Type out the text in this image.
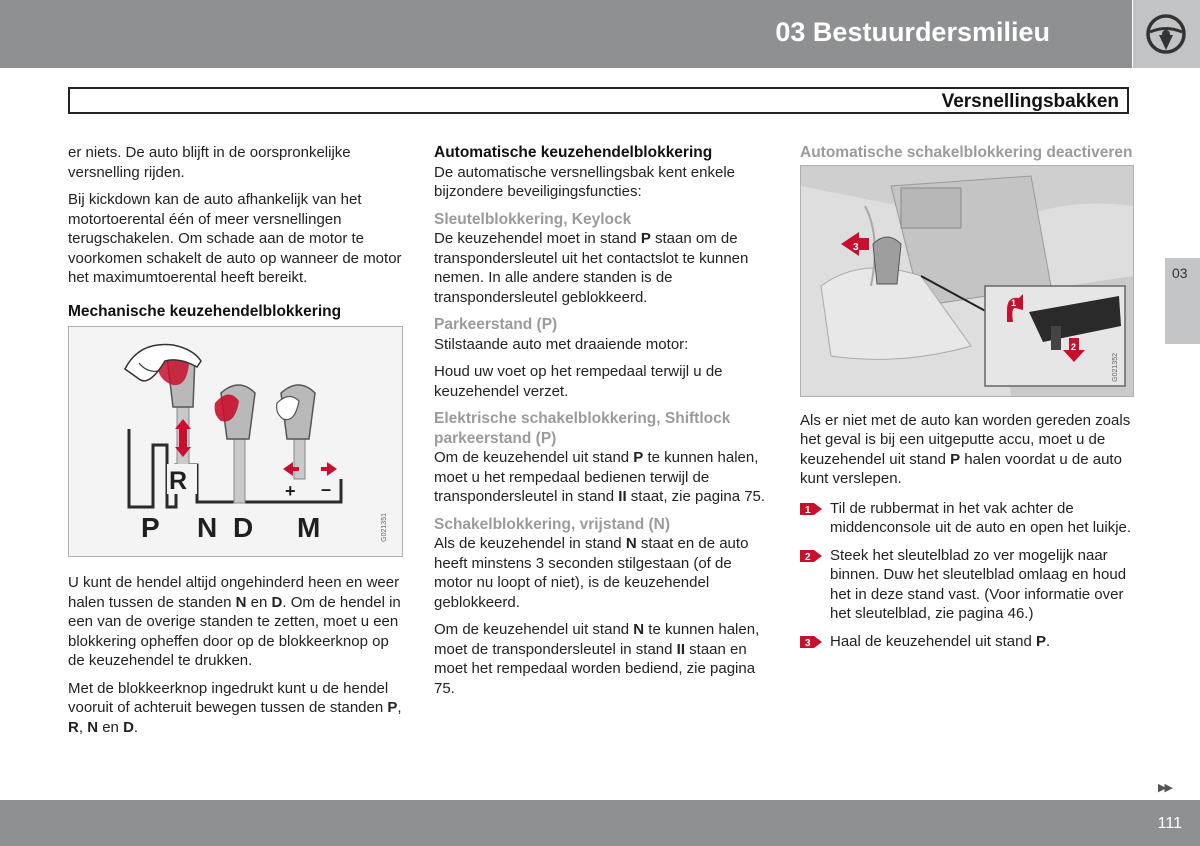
03 Bestuurdersmilieu
Versnellingsbakken

er niets. De auto blijft in de oorspronkelijke versnelling rijden.

Bij kickdown kan de auto afhankelijk van het motortoerental één of meer versnellingen terugschakelen. Om schade aan de motor te voorkomen schakelt de auto op wanneer de motor het maximumtoerental heeft bereikt.

Mechanische keuzehendelblokkering
R	+ –
P N D M	G021351

U kunt de hendel altijd ongehinderd heen en weer halen tussen de standen N en D. Om de hendel in een van de overige standen te zetten, moet u een blokkering opheffen door op de blokkeerknop op de keuzehendel te drukken.

Met de blokkeerknop ingedrukt kunt u de hendel vooruit of achteruit bewegen tussen de standen P, R, N en D.

Automatische keuzehendelblokkering

De automatische versnellingsbak kent enkele bijzondere beveiligingsfuncties:

Sleutelblokkering, Keylock

De keuzehendel moet in stand P staan om de transpondersleutel uit het contactslot te kunnen nemen. In alle andere standen is de transpondersleutel geblokkeerd.

Parkeerstand (P)

Stilstaande auto met draaiende motor:

Houd uw voet op het rempedaal terwijl u de keuzehendel verzet.

Elektrische schakelblokkering, Shiftlock parkeerstand (P)

Om de keuzehendel uit stand P te kunnen halen, moet u het rempedaal bedienen terwijl de transpondersleutel in stand II staat, zie pagina 75.

Schakelblokkering, vrijstand (N)

Als de keuzehendel in stand N staat en de auto heeft minstens 3 seconden stilgestaan (of de motor nu loopt of niet), is de keuzehendel geblokkeerd.

Om de keuzehendel uit stand N te kunnen halen, moet de transpondersleutel in stand II staan en moet het rempedaal worden bediend, zie pagina 75.

Automatische schakelblokkering deactiveren
3
1
2
G021352

Als er niet met de auto kan worden gereden zoals het geval is bij een uitgeputte accu, moet u de keuzehendel uit stand P halen voordat u de auto kunt verslepen.

1 Til de rubbermat in het vak achter de middenconsole uit de auto en open het luikje.
2 Steek het sleutelblad zo ver mogelijk naar binnen. Duw het sleutelblad omlaag en houd het in deze stand vast. (Voor informatie over het sleutelblad, zie pagina 46.)
3 Haal de keuzehendel uit stand P.
03
▶▶
111
